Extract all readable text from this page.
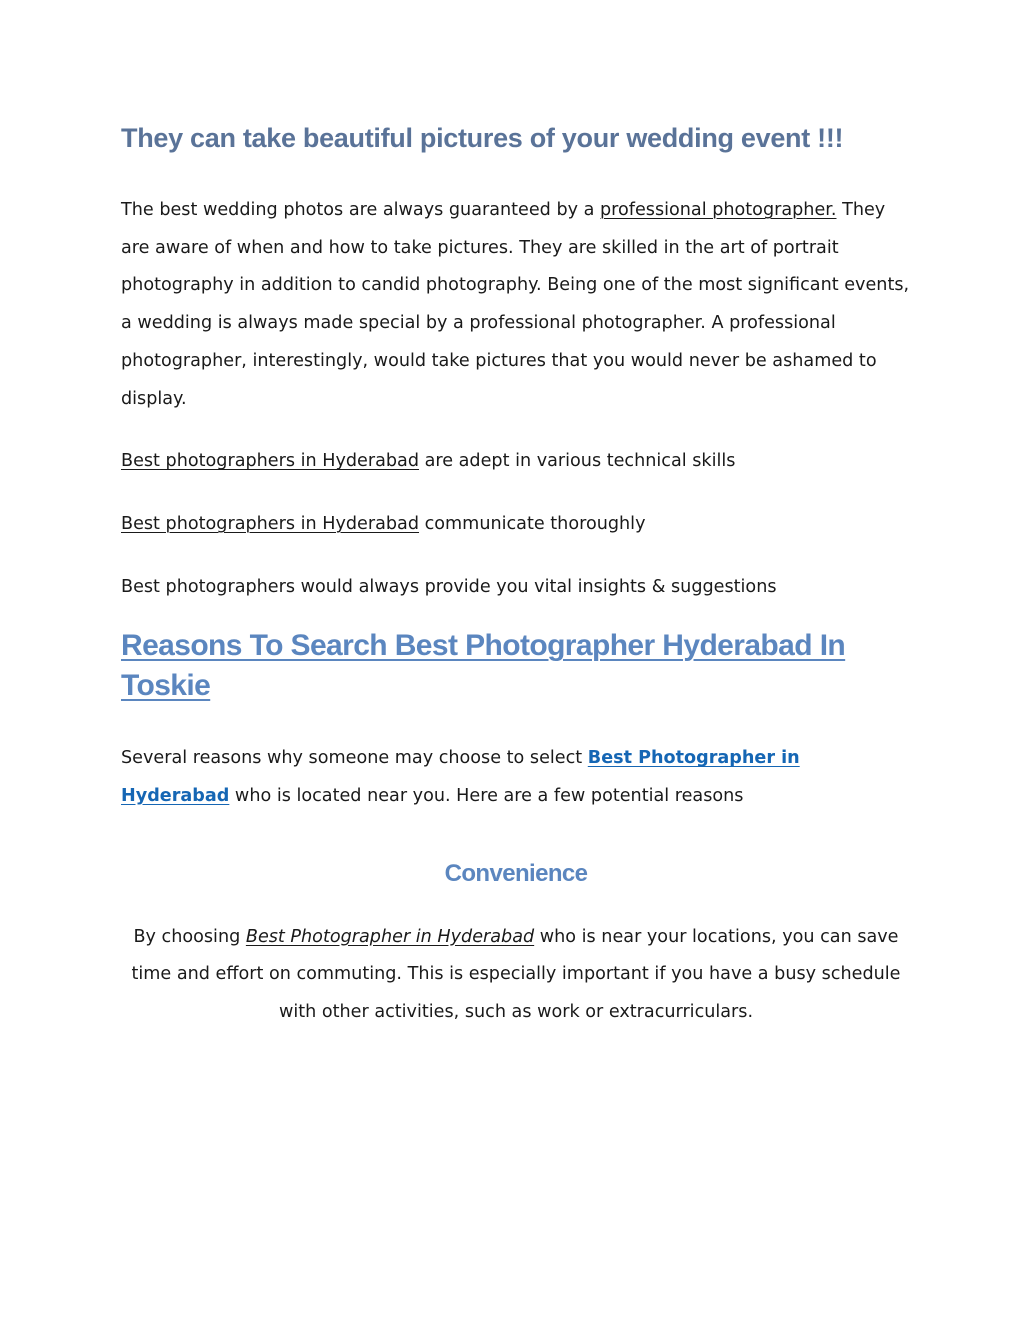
They can take beautiful pictures of your wedding event !!!

The best wedding photos are always guaranteed by a professional photographer. They are aware of when and how to take pictures. They are skilled in the art of portrait photography in addition to candid photography. Being one of the most significant events, a wedding is always made special by a professional photographer. A professional photographer, interestingly, would take pictures that you would never be ashamed to display.

Best photographers in Hyderabad are adept in various technical skills

Best photographers in Hyderabad communicate thoroughly

Best photographers would always provide you vital insights & suggestions

Reasons To Search Best Photographer Hyderabad In Toskie

Several reasons why someone may choose to select Best Photographer in Hyderabad who is located near you. Here are a few potential reasons

Convenience

By choosing Best Photographer in Hyderabad who is near your locations, you can save time and effort on commuting. This is especially important if you have a busy schedule with other activities, such as work or extracurriculars.
